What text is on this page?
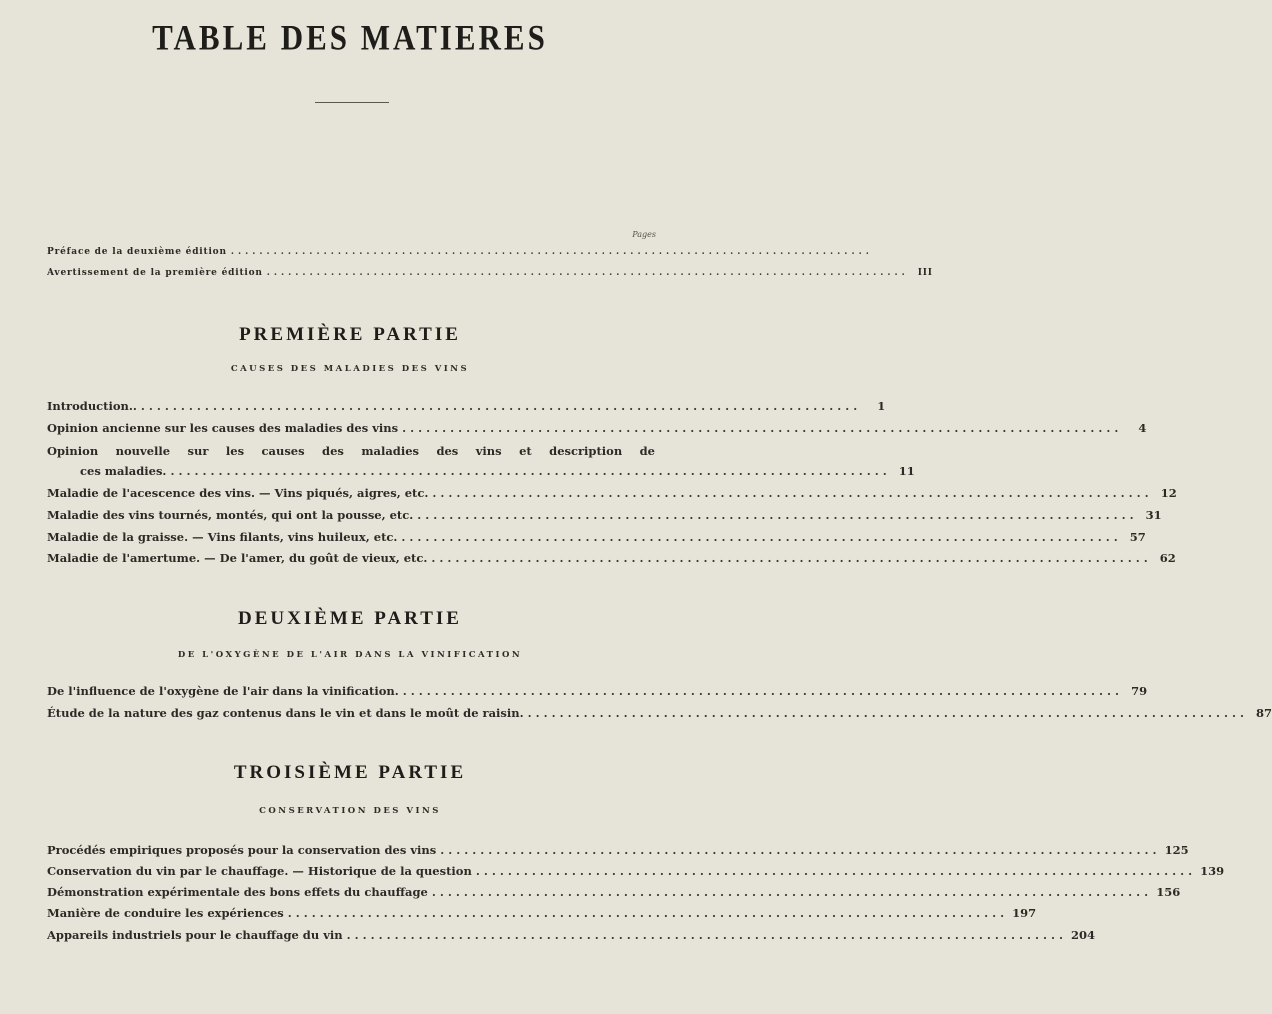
TABLE DES MATIERES
Pages
Préface de la deuxième édition ..........................................................................................
Avertissement de la première édition .......................................................................................... III
PREMIÈRE PARTIE
CAUSES DES MALADIES DES VINS
Introduction.. ..........................................................................................	1
Opinion ancienne sur les causes des maladies des vins ..........................................................................................	4
Opinion nouvelle sur les causes des maladies des vins et description de
ces maladies. .......................................................................................... 11
Maladie de l'acescence des vins. — Vins piqués, aigres, etc. .......................................................................................... 12
Maladie des vins tournés, montés, qui ont la pousse, etc. .......................................................................................... 31
Maladie de la graisse. — Vins filants, vins huileux, etc. .......................................................................................... 57
Maladie de l'amertume. — De l'amer, du goût de vieux, etc. .......................................................................................... 62
DEUXIÈME PARTIE
DE L'OXYGÈNE DE L'AIR DANS LA VINIFICATION
De l'influence de l'oxygène de l'air dans la vinification. .......................................................................................... 79
Étude de la nature des gaz contenus dans le vin et dans le moût de raisin. .......................................................................................... 87
TROISIÈME PARTIE
CONSERVATION DES VINS
Procédés empiriques proposés pour la conservation des vins .......................................................................................... 125
Conservation du vin par le chauffage. — Historique de la question .......................................................................................... 139
Démonstration expérimentale des bons effets du chauffage .......................................................................................... 156
Manière de conduire les expériences .......................................................................................... 197
Appareils industriels pour le chauffage du vin .......................................................................................... 204
